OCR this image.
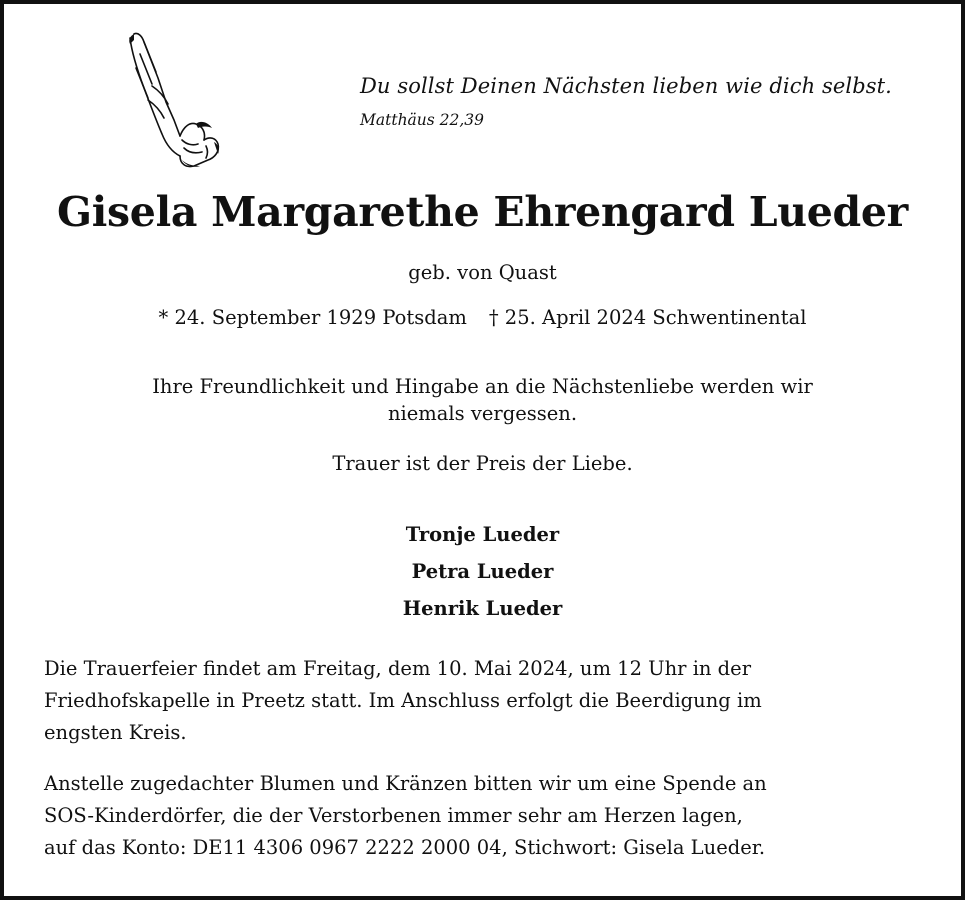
Du sollst Deinen Nächsten lieben wie dich selbst.
Matthäus 22,39
Gisela Margarethe Ehrengard Lueder
geb. von Quast
* 24. September 1929 Potsdam † 25. April 2024 Schwentinental
Ihre Freundlichkeit und Hingabe an die Nächstenliebe werden wir
niemals vergessen.
Trauer ist der Preis der Liebe.
Tronje Lueder
Petra Lueder
Henrik Lueder
Die Trauerfeier findet am Freitag, dem 10. Mai 2024, um 12 Uhr in der
Friedhofskapelle in Preetz statt. Im Anschluss erfolgt die Beerdigung im
engsten Kreis.
Anstelle zugedachter Blumen und Kränzen bitten wir um eine Spende an
SOS-Kinderdörfer, die der Verstorbenen immer sehr am Herzen lagen,
auf das Konto: DE11 4306 0967 2222 2000 04, Stichwort: Gisela Lueder.
